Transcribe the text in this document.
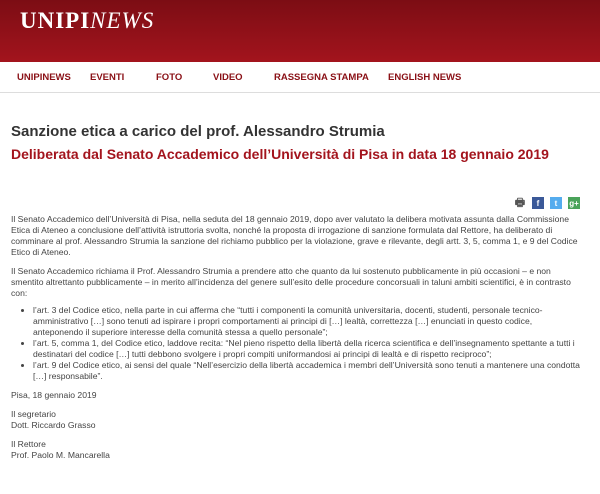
UNIPINEWS
UNIPINEWS	EVENTI	FOTO	VIDEO	RASSEGNA STAMPA	ENGLISH NEWS
Sanzione etica a carico del prof. Alessandro Strumia
Deliberata dal Senato Accademico dell’Università di Pisa in data 18 gennaio 2019
🖶	f	t	g+

Il Senato Accademico dell’Università di Pisa, nella seduta del 18 gennaio 2019, dopo aver valutato la delibera motivata assunta dalla Commissione Etica di Ateneo a conclusione dell’attività istruttoria svolta, nonché la proposta di irrogazione di sanzione formulata dal Rettore, ha deliberato di comminare al prof. Alessandro Strumia la sanzione del richiamo pubblico per la violazione, grave e rilevante, degli artt. 3, 5, comma 1, e 9 del Codice Etico di Ateneo.

Il Senato Accademico richiama il Prof. Alessandro Strumia a prendere atto che quanto da lui sostenuto pubblicamente in più occasioni – e non smentito altrettanto pubblicamente – in merito all’incidenza del genere sull’esito delle procedure concorsuali in taluni ambiti scientifici, è in contrasto con:

• l’art. 3 del Codice etico, nella parte in cui afferma che “tutti i componenti la comunità universitaria, docenti, studenti, personale tecnico-amministrativo […] sono tenuti ad ispirare i propri comportamenti ai principi di […] lealtà, correttezza […] enunciati in questo codice, anteponendo il superiore interesse della comunità stessa a quello personale”;
• l’art. 5, comma 1, del Codice etico, laddove recita: “Nel pieno rispetto della libertà della ricerca scientifica e dell’insegnamento spettante a tutti i destinatari del codice […] tutti debbono svolgere i propri compiti uniformandosi ai principi di lealtà e di rispetto reciproco”;
• l’art. 9 del Codice etico, ai sensi del quale “Nell’esercizio della libertà accademica i membri dell’Università sono tenuti a mantenere una condotta […] responsabile”.

Pisa, 18 gennaio 2019

Il segretario

Dott. Riccardo Grasso

Il Rettore

Prof. Paolo M. Mancarella
